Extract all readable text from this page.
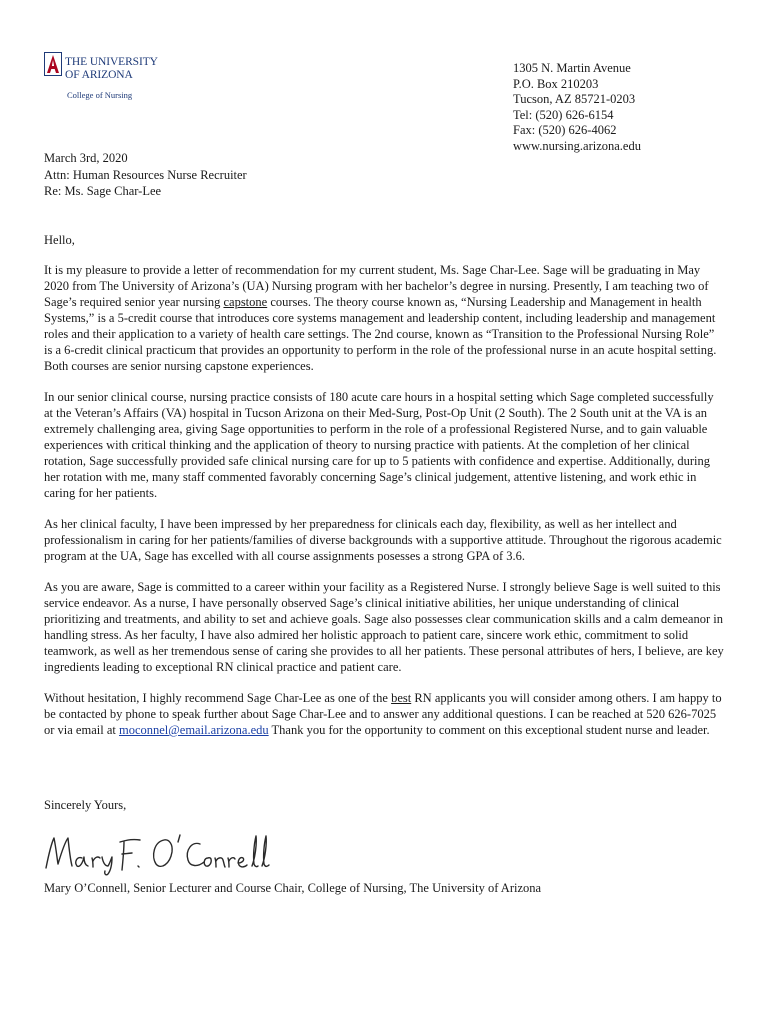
THE UNIVERSITY
OF ARIZONA
College of Nursing
1305 N. Martin Avenue
P.O. Box 210203
Tucson, AZ 85721-0203
Tel: (520) 626-6154
Fax: (520) 626-4062
www.nursing.arizona.edu
March 3rd, 2020
Attn: Human Resources Nurse Recruiter
Re: Ms. Sage Char-Lee
Hello,

It is my pleasure to provide a letter of recommendation for my current student, Ms. Sage Char-Lee. Sage will be graduating in May 2020 from The University of Arizona’s (UA) Nursing program with her bachelor’s degree in nursing. Presently, I am teaching two of Sage’s required senior year nursing capstone courses. The theory course known as, “Nursing Leadership and Management in health Systems,” is a 5-credit course that introduces core systems management and leadership content, including leadership and management roles and their application to a variety of health care settings. The 2nd course, known as “Transition to the Professional Nursing Role” is a 6-credit clinical practicum that provides an opportunity to perform in the role of the professional nurse in an acute hospital setting. Both courses are senior nursing capstone experiences.

In our senior clinical course, nursing practice consists of 180 acute care hours in a hospital setting which Sage completed successfully at the Veteran’s Affairs (VA) hospital in Tucson Arizona on their Med-Surg, Post-Op Unit (2 South). The 2 South unit at the VA is an extremely challenging area, giving Sage opportunities to perform in the role of a professional Registered Nurse, and to gain valuable experiences with critical thinking and the application of theory to nursing practice with patients. At the completion of her clinical rotation, Sage successfully provided safe clinical nursing care for up to 5 patients with confidence and expertise. Additionally, during her rotation with me, many staff commented favorably concerning Sage’s clinical judgement, attentive listening, and work ethic in caring for her patients.

As her clinical faculty, I have been impressed by her preparedness for clinicals each day, flexibility, as well as her intellect and professionalism in caring for her patients/families of diverse backgrounds with a supportive attitude. Throughout the rigorous academic program at the UA, Sage has excelled with all course assignments posesses a strong GPA of 3.6.

As you are aware, Sage is committed to a career within your facility as a Registered Nurse. I strongly believe Sage is well suited to this service endeavor. As a nurse, I have personally observed Sage’s clinical initiative abilities, her unique understanding of clinical prioritizing and treatments, and ability to set and achieve goals. Sage also possesses clear communication skills and a calm demeanor in handling stress. As her faculty, I have also admired her holistic approach to patient care, sincere work ethic, commitment to solid teamwork, as well as her tremendous sense of caring she provides to all her patients. These personal attributes of hers, I believe, are key ingredients leading to exceptional RN clinical practice and patient care.

Without hesitation, I highly recommend Sage Char-Lee as one of the best RN applicants you will consider among others. I am happy to be contacted by phone to speak further about Sage Char-Lee and to answer any additional questions. I can be reached at 520 626-7025 or via email at moconnel@email.arizona.edu Thank you for the opportunity to comment on this exceptional student nurse and leader.

Sincerely Yours,
Mary O’Connell, Senior Lecturer and Course Chair, College of Nursing, The University of Arizona
